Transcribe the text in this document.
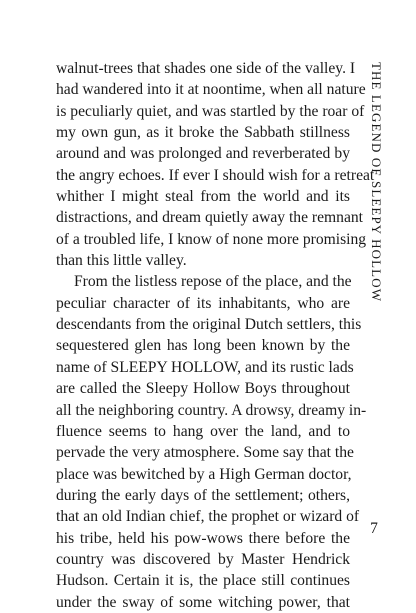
walnut-trees that shades one side of the valley. I
had wandered into it at noontime, when all nature
is peculiarly quiet, and was startled by the roar of
my own gun, as it broke the Sabbath stillness
around and was prolonged and reverberated by
the angry echoes. If ever I should wish for a retreat
whither I might steal from the world and its
distractions, and dream quietly away the remnant
of a troubled life, I know of none more promising
than this little valley.
From the listless repose of the place, and the
peculiar character of its inhabitants, who are
descendants from the original Dutch settlers, this
sequestered glen has long been known by the
name of SLEEPY HOLLOW, and its rustic lads
are called the Sleepy Hollow Boys throughout
all the neighboring country. A drowsy, dreamy in-
fluence seems to hang over the land, and to
pervade the very atmosphere. Some say that the
place was bewitched by a High German doctor,
during the early days of the settlement; others,
that an old Indian chief, the prophet or wizard of
his tribe, held his pow-wows there before the
country was discovered by Master Hendrick
Hudson. Certain it is, the place still continues
under the sway of some witching power, that
THE LEGEND OF SLEEPY HOLLOW
7
